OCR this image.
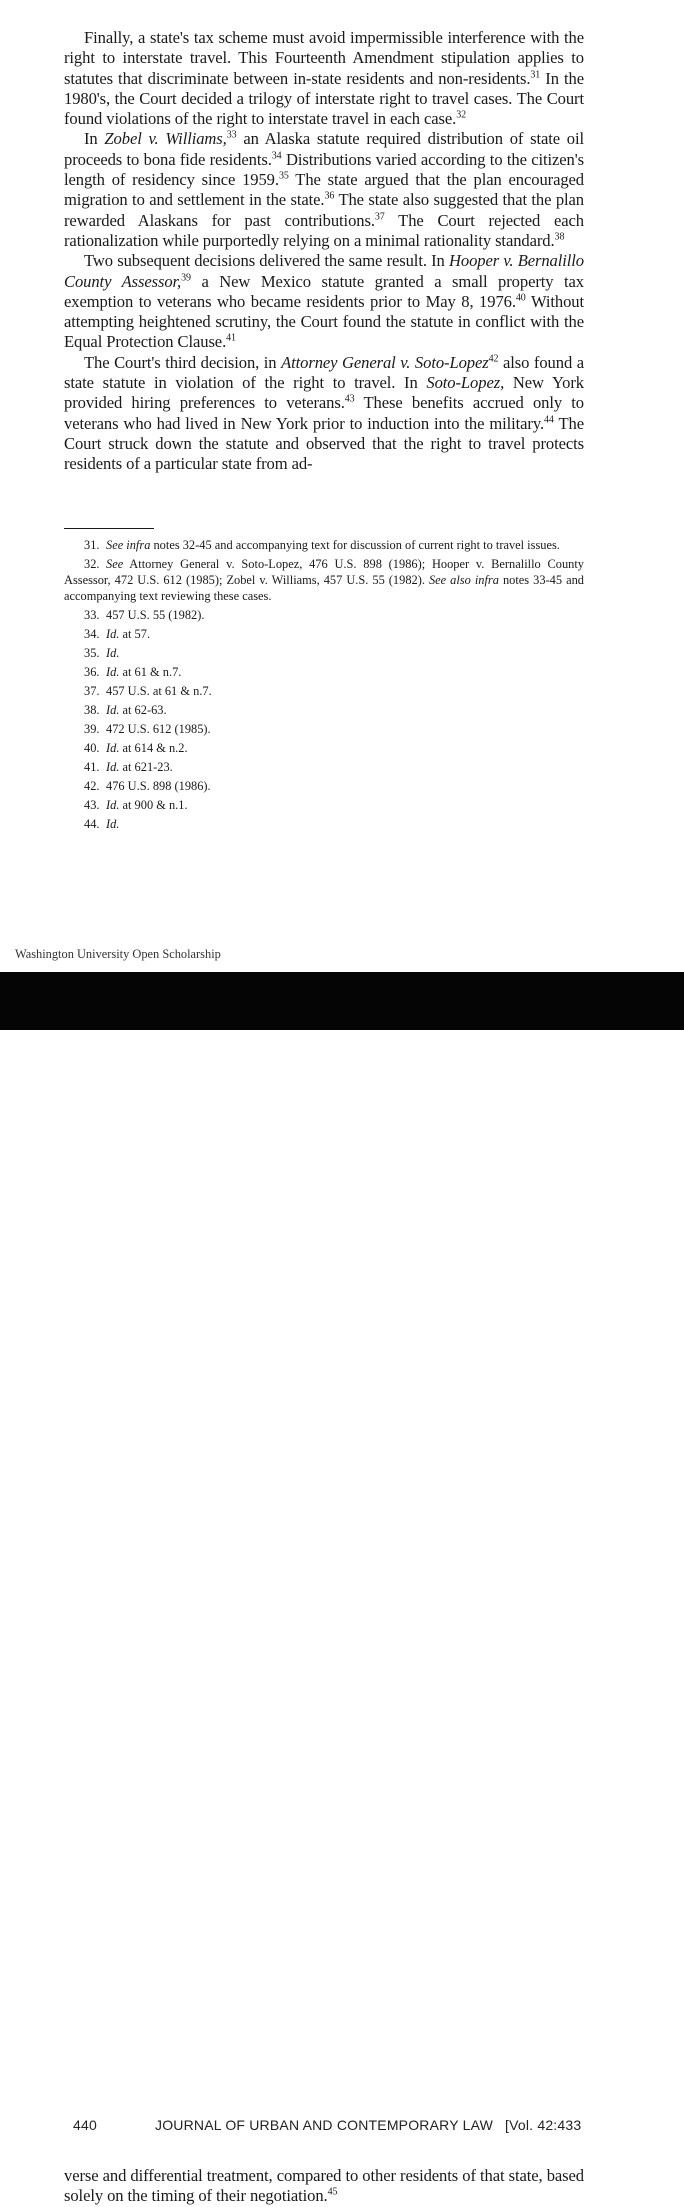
Finally, a state's tax scheme must avoid impermissible interference with the right to interstate travel. This Fourteenth Amendment stipulation applies to statutes that discriminate between in-state residents and non-residents.$^{31}$ In the 1980's, the Court decided a trilogy of interstate right to travel cases. The Court found violations of the right to interstate travel in each case.$^{32}$

In Zobel v. Williams,$^{33}$ an Alaska statute required distribution of state oil proceeds to bona fide residents.$^{34}$ Distributions varied according to the citizen's length of residency since 1959.35 The state argued that the plan encouraged migration to and settlement in the state.$^{36}$ The state also suggested that the plan rewarded Alaskans for past contributions.$^{37}$ The Court rejected each rationalization while purportedly relying on a minimal rationality standard.$^{38}$

Two subsequent decisions delivered the same result. In Hooper v. Bernalillo County Assessor,$^{39}$ a New Mexico statute granted a small property tax exemption to veterans who became residents prior to May 8, 1976.40 Without attempting heightened scrutiny, the Court found the statute in conflict with the Equal Protection Clause.$^{41}$

The Court's third decision, in Attorney General v. Soto-Lopez$^{42}$ also found a state statute in violation of the right to travel. In Soto-Lopez, New York provided hiring preferences to veterans.$^{43}$ These benefits accrued only to veterans who had lived in New York prior to induction into the military.$^{44}$ The Court struck down the statute and observed that the right to travel protects residents of a particular state from ad-

31. See infra notes 32-45 and accompanying text for discussion of current right to travel issues.

32. See Attorney General v. Soto-Lopez, 476 U.S. 898 (1986); Hooper v. Bernalillo County Assessor, 472 U.S. 612 (1985); Zobel v. Williams, 457 U.S. 55 (1982). See also infra notes 33-45 and accompanying text reviewing these cases.

33. 457 U.S. 55 (1982).

34. Id. at 57.

35. Id.

36. Id. at 61 & n.7.

37. 457 U.S. at 61 & n.7.

38. Id. at 62-63.

39. 472 U.S. 612 (1985).

40. Id. at 614 & n.2.

41. Id. at 621-23.

42. 476 U.S. 898 (1986).

43. Id. at 900 & n.1.

44. Id.

Washington University Open Scholarship
440	JOURNAL OF URBAN AND CONTEMPORARY LAW [Vol. 42:433

verse and differential treatment, compared to other residents of that state, based solely on the timing of their negotiation.$^{45}$
